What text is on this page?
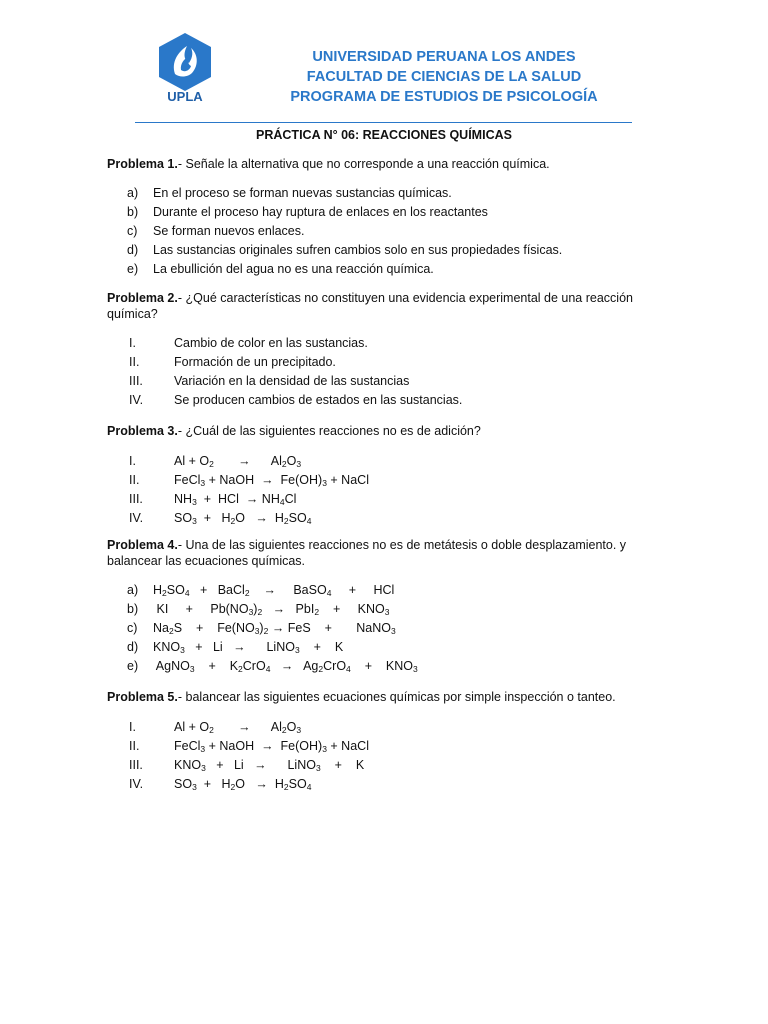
UPLA
UNIVERSIDAD PERUANA LOS ANDES
FACULTAD DE CIENCIAS DE LA SALUD
PROGRAMA DE ESTUDIOS DE PSICOLOGÍA
PRÁCTICA N° 06: REACCIONES QUÍMICAS

Problema 1.- Señale la alternativa que no corresponde a una reacción química.

a) En el proceso se forman nuevas sustancias químicas.
b) Durante el proceso hay ruptura de enlaces en los reactantes
c) Se forman nuevos enlaces.
d) Las sustancias originales sufren cambios solo en sus propiedades físicas.
e) La ebullición del agua no es una reacción química.

Problema 2.- ¿Qué características no constituyen una evidencia experimental de una reacción química?

I.	Cambio de color en las sustancias.
II.	Formación de un precipitado.
III. Variación en la densidad de las sustancias
IV. Se producen cambios de estados en las sustancias.

Problema 3.- ¿Cuál de las siguientes reacciones no es de adición?

I.	$Al + O_2 \to Al_2O_3$
II.	FeCl$_3$ + NaOH  → $Fe(OH)_3$ + NaCl
III. $NH_3$ + HCl → $NH_4Cl$
IV. $SO_3 + H_2O \to H_2SO_4$

Problema 4.- Una de las siguientes reacciones no es de metátesis o doble desplazamiento. y balancear las ecuaciones químicas.

a) $H_2SO_4$ + BaCl$_2$ → BaSO$_4$ + HCl
b) KI + $Pb(NO_3)_2 \to PbI_2 + KNO_3$
c) $Na_2S + Fe(NO_3)_2$ → FeS + NaNO$_3$
d) $KNO_3 + Li$ → LiNO$_3$ + K
e) AgNO$_3$ + $K_2CrO_4 \to Ag_2CrO_4 + KNO_3$

Problema 5.- balancear las siguientes ecuaciones químicas por simple inspección o tanteo.

I.	$Al + O_2 \to Al_2O_3$
II.	FeCl$_3$ + NaOH  → $Fe(OH)_3$ + NaCl
III. $KNO_3 + Li$ → LiNO$_3$ + K
IV. $SO_3 + H_2O \to H_2SO_4$
